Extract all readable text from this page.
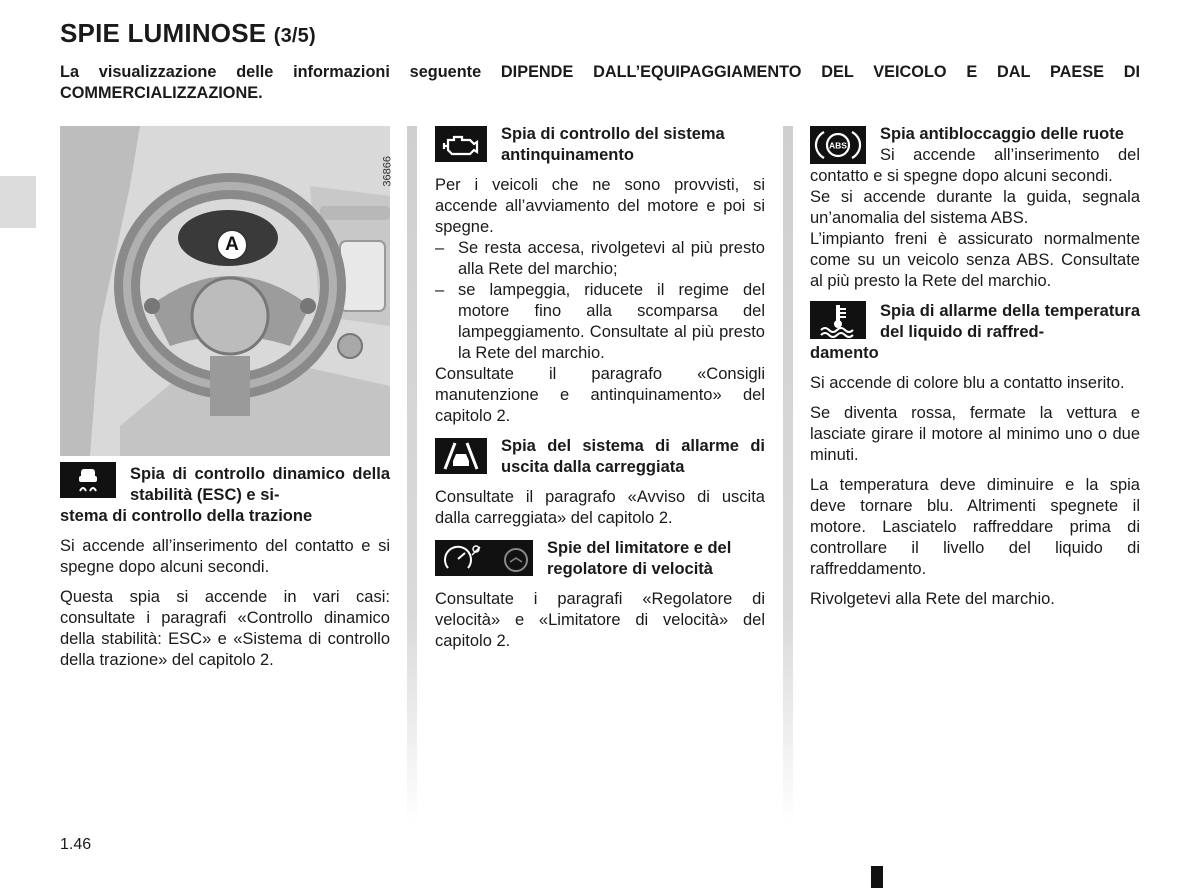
SPIE LUMINOSE (3/5)
La visualizzazione delle informazioni seguente DIPENDE DALL’EQUIPAGGIAMENTO DEL VEICOLO E DAL PAESE DI COMMERCIALIZZAZIONE.
36866
A

Spia di controllo dinamico della stabilità (ESC) e si-

stema di controllo della trazione

Si accende all’inserimento del contatto e si spegne dopo alcuni secondi.

Questa spia si accende in vari casi: consultate i paragrafi «Controllo dinamico della stabilità: ESC» e «Sistema di controllo della trazione» del capitolo 2.

Spia di controllo del sistema antinquinamento

Per i veicoli che ne sono provvisti, si accende all’avviamento del motore e poi si spegne.

– Se resta accesa, rivolgetevi al più presto alla Rete del marchio;
– se lampeggia, riducete il regime del motore fino alla scomparsa del lampeggiamento. Consultate al più presto la Rete del marchio.

Consultate il paragrafo «Consigli manutenzione e antinquinamento» del capitolo 2.

Spia del sistema di allarme di uscita dalla carreggiata

Consultate il paragrafo «Avviso di uscita dalla carreggiata» del capitolo 2.

Spie del limitatore e del regolatore di velocità

Consultate i paragrafi «Regolatore di velocità» e «Limitatore di velocità» del capitolo 2.

ABS

Spia antibloccaggio delle ruote

Si accende all’inserimento del contatto e si spegne dopo alcuni secondi.

Se si accende durante la guida, segnala un’anomalia del sistema ABS.

L’impianto freni è assicurato normalmente come su un veicolo senza ABS. Consultate al più presto la Rete del marchio.

Spia di allarme della temperatura del liquido di raffred-

damento

Si accende di colore blu a contatto inserito.

Se diventa rossa, fermate la vettura e lasciate girare il motore al minimo uno o due minuti.

La temperatura deve diminuire e la spia deve tornare blu. Altrimenti spegnete il motore. Lasciatelo raffreddare prima di controllare il livello del liquido di raffreddamento.

Rivolgetevi alla Rete del marchio.

1.46
